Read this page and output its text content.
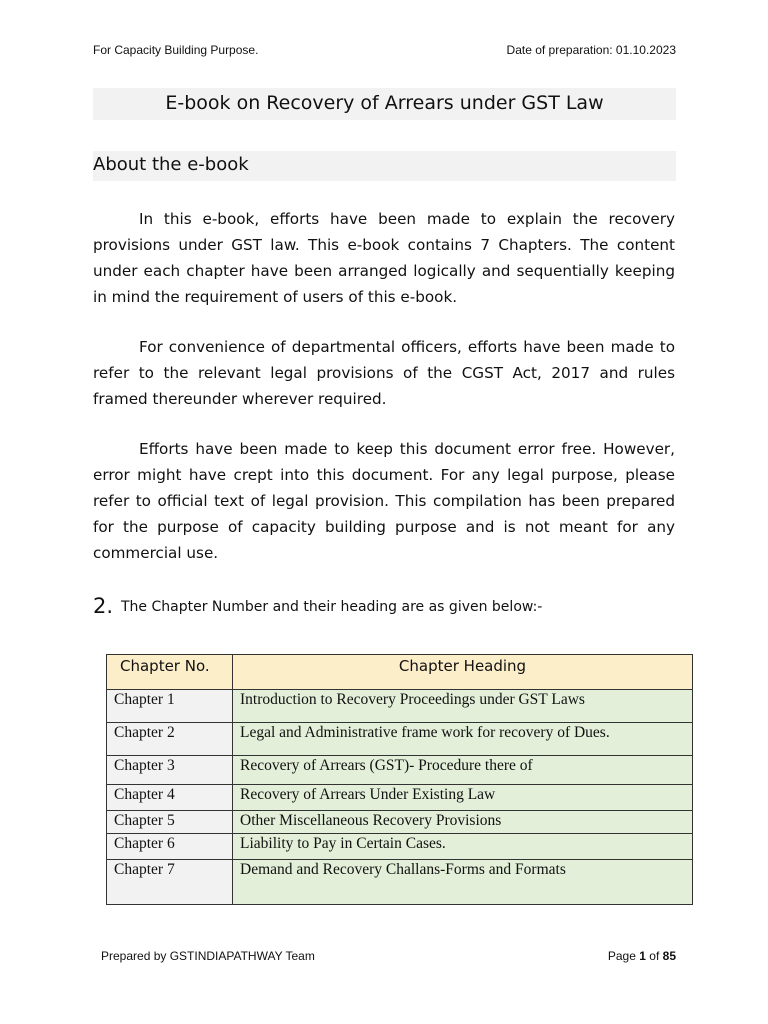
For Capacity Building Purpose.	Date of preparation: 01.10.2023
E-book on Recovery of Arrears under GST Law
About the e-book

In this e-book, efforts have been made to explain the recovery provisions under GST law. This e-book contains 7 Chapters. The content under each chapter have been arranged logically and sequentially keeping in mind the requirement of users of this e-book.

For convenience of departmental officers, efforts have been made to refer to the relevant legal provisions of the CGST Act, 2017 and rules framed thereunder wherever required.

Efforts have been made to keep this document error free. However, error might have crept into this document. For any legal purpose, please refer to official text of legal provision. This compilation has been prepared for the purpose of capacity building purpose and is not meant for any commercial use.

2. The Chapter Number and their heading are as given below:-
Chapter No.	Chapter Heading
Chapter 1	Introduction to Recovery Proceedings under GST Laws
Chapter 2	Legal and Administrative frame work for recovery of Dues.
Chapter 3	Recovery of Arrears (GST)- Procedure there of
Chapter 4	Recovery of Arrears Under Existing Law
Chapter 5	Other Miscellaneous Recovery Provisions
Chapter 6	Liability to Pay in Certain Cases.
Chapter 7	Demand and Recovery Challans-Forms and Formats
Prepared by GSTINDIAPATHWAY Team	Page 1 of 85
